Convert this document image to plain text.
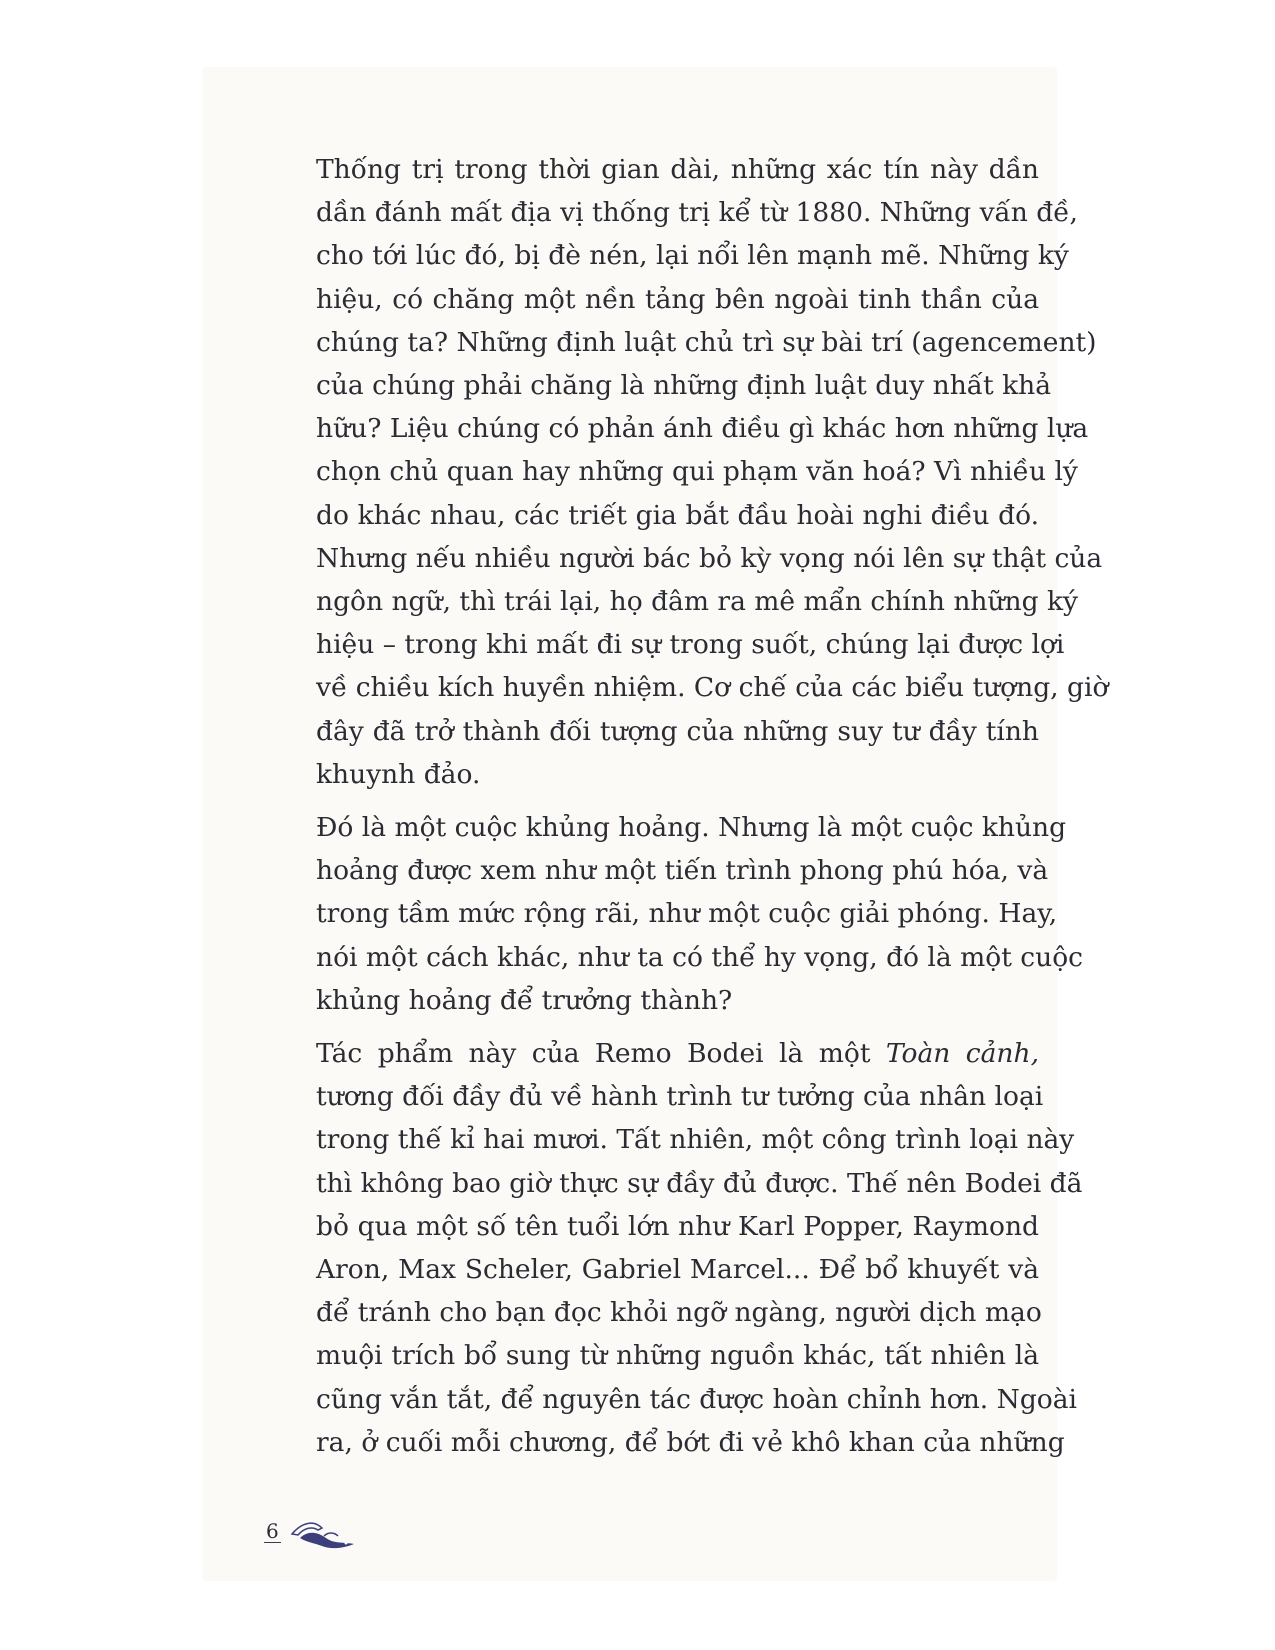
Thống trị trong thời gian dài, những xác tín này dần
dần đánh mất địa vị thống trị kể từ 1880. Những vấn đề,
cho tới lúc đó, bị đè nén, lại nổi lên mạnh mẽ. Những ký
hiệu, có chăng một nền tảng bên ngoài tinh thần của
chúng ta? Những định luật chủ trì sự bài trí (agencement)
của chúng phải chăng là những định luật duy nhất khả
hữu? Liệu chúng có phản ánh điều gì khác hơn những lựa
chọn chủ quan hay những qui phạm văn hoá? Vì nhiều lý
do khác nhau, các triết gia bắt đầu hoài nghi điều đó.
Nhưng nếu nhiều người bác bỏ kỳ vọng nói lên sự thật của
ngôn ngữ, thì trái lại, họ đâm ra mê mẩn chính những ký
hiệu – trong khi mất đi sự trong suốt, chúng lại được lợi
về chiều kích huyền nhiệm. Cơ chế của các biểu tượng, giờ
đây đã trở thành đối tượng của những suy tư đầy tính
khuynh đảo.
Đó là một cuộc khủng hoảng. Nhưng là một cuộc khủng
hoảng được xem như một tiến trình phong phú hóa, và
trong tầm mức rộng rãi, như một cuộc giải phóng. Hay,
nói một cách khác, như ta có thể hy vọng, đó là một cuộc
khủng hoảng để trưởng thành?
Tác phẩm này của Remo Bodei là một Toàn cảnh,
tương đối đầy đủ về hành trình tư tưởng của nhân loại
trong thế kỉ hai mươi. Tất nhiên, một công trình loại này
thì không bao giờ thực sự đầy đủ được. Thế nên Bodei đã
bỏ qua một số tên tuổi lớn như Karl Popper, Raymond
Aron, Max Scheler, Gabriel Marcel... Để bổ khuyết và
để tránh cho bạn đọc khỏi ngỡ ngàng, người dịch mạo
muội trích bổ sung từ những nguồn khác, tất nhiên là
cũng vắn tắt, để nguyên tác được hoàn chỉnh hơn. Ngoài
ra, ở cuối mỗi chương, để bớt đi vẻ khô khan của những
6
